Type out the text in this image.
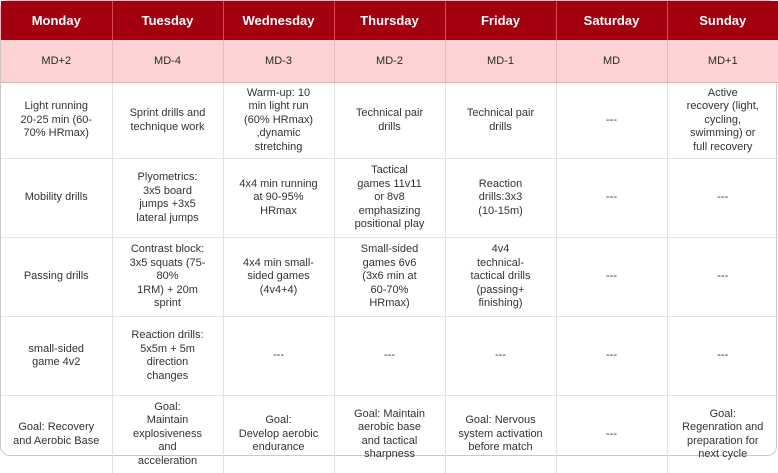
Monday	Tuesday	Wednesday	Thursday	Friday	Saturday	Sunday
MD+2	MD-4	MD-3	MD-2	MD-1	MD	MD+1
Light running
20-25 min (60-
70% HRmax)	Sprint drills and
technique work	Warm-up: 10
min light run
(60% HRmax)
,dynamic
stretching	Technical pair
drills	Technical pair
drills	---	Active
recovery (light,
cycling,
swimming) or
full recovery
Mobility drills	Plyometrics:
3x5 board
jumps +3x5
lateral jumps	4x4 min running
at 90-95%
HRmax	Tactical
games 11v11
or 8v8
emphasizing
positional play	Reaction
drills:3x3
(10-15m)	---	---
Passing drills	Contrast block:
3x5 squats (75-80%
1RM) + 20m sprint	4x4 min small-
sided games
(4v4+4)	Small-sided
games 6v6
(3x6 min at
60-70%
HRmax)	4v4
technical-
tactical drills
(passing+
finishing)	---	---
small-sided
game 4v2	Reaction drills:
5x5m + 5m
direction
changes	---	---	---	---	---
Goal: Recovery
and Aerobic Base	Goal:
Maintain
explosiveness and
acceleration	Goal:
Develop aerobic
endurance	Goal: Maintain
aerobic base
and tactical
sharpness	Goal: Nervous
system activation
before match	---	Goal:
Regenration and
preparation for
next cycle
